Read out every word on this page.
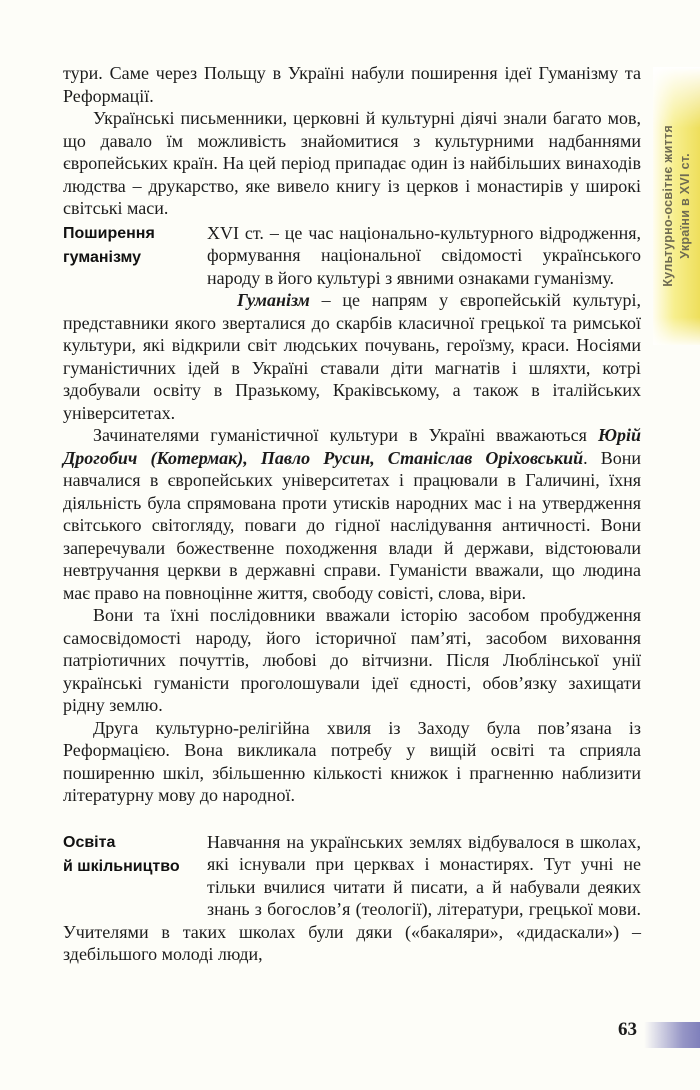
тури. Саме через Польщу в Україні набули поширення ідеї Гуманізму та Реформації.

Українські письменники, церковні й культурні діячі знали багато мов, що давало їм можливість знайомитися з культурними надбаннями європейських країн. На цей період припадає один із найбільших винаходів людства – друкарство, яке вивело книгу із церков і монастирів у широкі світські маси.

Поширення
гуманізму

XVI ст. – це час національно-культурного відродження, формування національної свідомості українського народу в його культурі з явними ознаками гуманізму.

Гуманізм – це напрям у європейській культурі, представники якого зверталися до скарбів класичної грецької та римської культури, які відкрили світ людських почувань, героїзму, краси. Носіями гуманістичних ідей в Україні ставали діти магнатів і шляхти, котрі здобували освіту в Празькому, Краківському, а також в італійських університетах.

Зачинателями гуманістичної культури в Україні вважаються Юрій Дрогобич (Котермак), Павло Русин, Станіслав Оріховський. Вони навчалися в європейських університетах і працювали в Галичині, їхня діяльність була спрямована проти утисків народних мас і на утвердження світського світогляду, поваги до гідної наслідування античності. Вони заперечували божественне походження влади й держави, відстоювали невтручання церкви в державні справи. Гуманісти вважали, що людина має право на повноцінне життя, свободу совісті, слова, віри.

Вони та їхні послідовники вважали історію засобом пробудження самосвідомості народу, його історичної пам’яті, засобом виховання патріотичних почуттів, любові до вітчизни. Після Люблінської унії українські гуманісти проголошували ідеї єдності, обов’язку захищати рідну землю.

Друга культурно-релігійна хвиля із Заходу була пов’язана із Реформацією. Вона викликала потребу у вищій освіті та сприяла поширенню шкіл, збільшенню кількості книжок і прагненню наблизити літературну мову до народної.

Освіта
й шкільництво

Навчання на українських землях відбувалося в школах, які існували при церквах і монастирях. Тут учні не тільки вчилися читати й писати, а й набували деяких знань з богослов’я (теології), літератури, грецької мови. Учителями в таких школах були дяки («бакаляри», «дидаскали») – здебільшого молоді люди,

Культурно-освітнє життя України в XVI ст.
63
